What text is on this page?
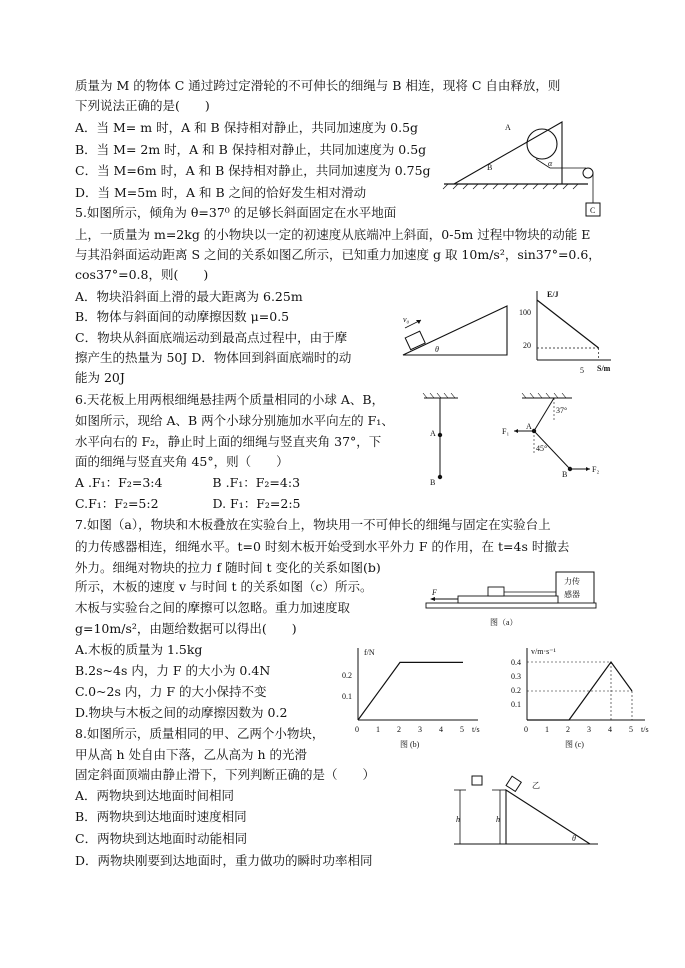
质量为 M 的物体 C 通过跨过定滑轮的不可伸长的细绳与 B 相连，现将 C 自由释放，则
下列说法正确的是(　　)
A．当 M= m 时，A 和 B 保持相对静止，共同加速度为 0.5g
B．当 M= 2m 时，A 和 B 保持相对静止，共同加速度为 0.5g
C．当 M=6m 时，A 和 B 保持相对静止，共同加速度为 0.75g
D．当 M=5m 时，A 和 B 之间的恰好发生相对滑动
5.如图所示，倾角为 θ=37⁰ 的足够长斜面固定在水平地面
上，一质量为 m=2kg 的小物块以一定的初速度从底端冲上斜面，0-5m 过程中物块的动能 E
与其沿斜面运动距离 S 之间的关系如图乙所示，已知重力加速度 g 取 10m/s²，sin37°=0.6，
cos37°=0.8，则(　　)
A．物块沿斜面上滑的最大距离为 6.25m
B．物体与斜面间的动摩擦因数 μ=0.5
C．物块从斜面底端运动到最高点过程中，由于摩
擦产生的热量为 50J D．物体回到斜面底端时的动
能为 20J
6.天花板上用两根细绳悬挂两个质量相同的小球 A、B，
如图所示，现给 A、B 两个小球分别施加水平向左的 F₁、
水平向右的 F₂，静止时上面的细绳与竖直夹角 37°，下
面的细绳与竖直夹角 45°，则（　　）
A .F₁：F₂=3:4　　　　B .F₁：F₂=4:3
C.F₁：F₂=5:2　　　　 D. F₁：F₂=2:5
7.如图（a），物块和木板叠放在实验台上，物块用一不可伸长的细绳与固定在实验台上
的力传感器相连，细绳水平。t=0 时刻木板开始受到水平外力 F 的作用，在 t=4s 时撤去
外力。细绳对物块的拉力 f 随时间 t 变化的关系如图(b)
所示，木板的速度 v 与时间 t 的关系如图（c）所示。
木板与实验台之间的摩擦可以忽略。重力加速度取
g=10m/s²，由题给数据可以得出(　　)
A.木板的质量为 1.5kg
B.2s~4s 内，力 F 的大小为 0.4N
C.0~2s 内，力 F 的大小保持不变
D.物块与木板之间的动摩擦因数为 0.2
8.如图所示，质量相同的甲、乙两个小物块，
甲从高 h 处自由下落，乙从高为 h 的光滑
固定斜面顶端由静止滑下，下列判断正确的是（　　）
A．两物块到达地面时间相同
B．两物块到达地面时速度相同
C．两物块到达地面时动能相同
D．两物块刚要到达地面时，重力做功的瞬时功率相同
A
B
C
α
v₀
θ
E/J
S/m
100
20
5
A
B
A
B
F₁
F₂
37°
45°
力传
感器
F
图（a）
f/N
t/s
0.2
0.1
0 1 2 3 4 5
图 (b)
v/m·s⁻¹
t/s
0.4
0.3
0.2
0.1
0 1 2 3 4 5
图 (c)
h	h
乙
θ
